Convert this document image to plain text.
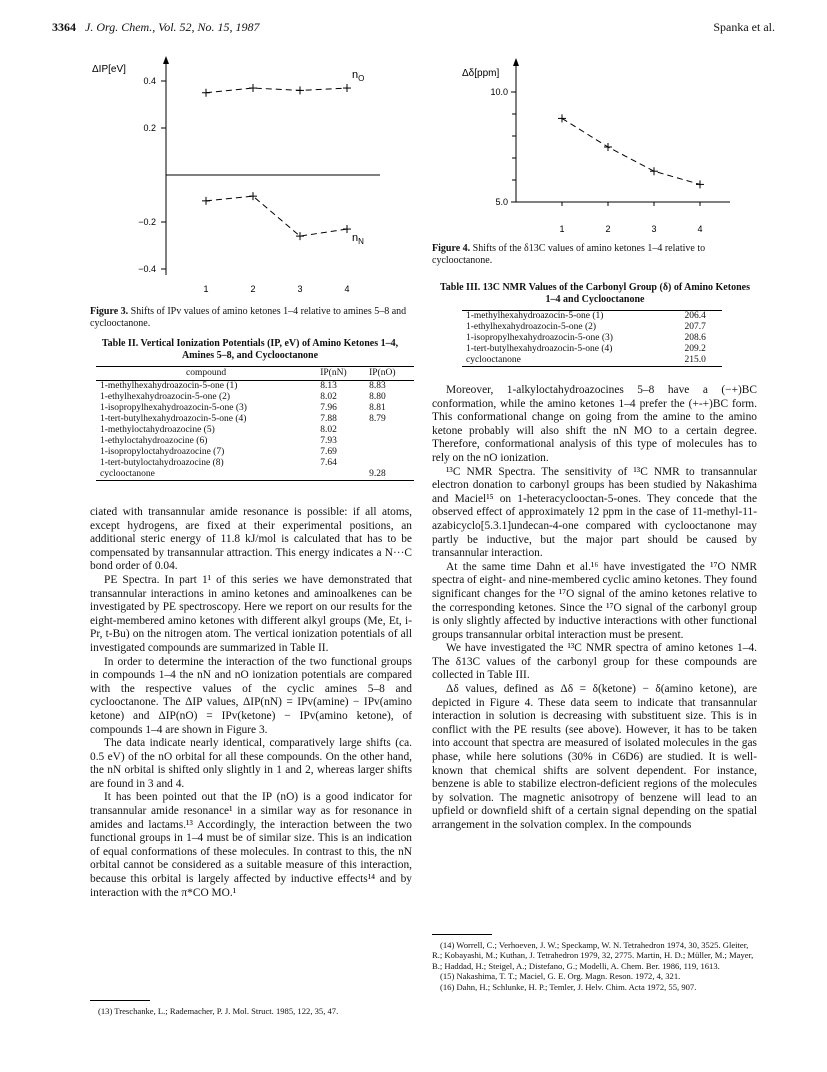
3364 J. Org. Chem., Vol. 52, No. 15, 1987	Spanka et al.
ΔIP[eV]
0.4
0.2
−0.2
−0.4
1	2	3	4
$n_O$
$n_N$
Figure 3. Shifts of IPv values of amino ketones 1–4 relative to amines 5–8 and cyclooctanone.
Table II. Vertical Ionization Potentials (IP, eV) of Amino Ketones 1–4, Amines 5–8, and Cyclooctanone
compound	IP(nN)	IP(nO)
1-methylhexahydroazocin-5-one (1)	8.13	8.83
1-ethylhexahydroazocin-5-one (2)	8.02	8.80
1-isopropylhexahydroazocin-5-one (3)	7.96	8.81
1-tert-butylhexahydroazocin-5-one (4)	7.88	8.79
1-methyloctahydroazocine (5)	8.02	
1-ethyloctahydroazocine (6)	7.93	
1-isopropyloctahydroazocine (7)	7.69	
1-tert-butyloctahydroazocine (8)	7.64	
cyclooctanone		9.28

ciated with transannular amide resonance is possible: if all atoms, except hydrogens, are fixed at their experimental positions, an additional steric energy of 11.8 kJ/mol is calculated that has to be compensated by transannular attraction. This energy indicates a N···C bond order of 0.04.

PE Spectra. In part 1¹ of this series we have demonstrated that transannular interactions in amino ketones and aminoalkenes can be investigated by PE spectroscopy. Here we report on our results for the eight-membered amino ketones with different alkyl groups (Me, Et, i-Pr, t-Bu) on the nitrogen atom. The vertical ionization potentials of all investigated compounds are summarized in Table II.

In order to determine the interaction of the two functional groups in compounds 1–4 the nN and nO ionization potentials are compared with the respective values of the cyclic amines 5–8 and cyclooctanone. The ΔIP values, ΔIP(nN) = IPv(amine) − IPv(amino ketone) and ΔIP(nO) = IPv(ketone) − IPv(amino ketone), of compounds 1–4 are shown in Figure 3.

The data indicate nearly identical, comparatively large shifts (ca. 0.5 eV) of the nO orbital for all these compounds. On the other hand, the nN orbital is shifted only slightly in 1 and 2, whereas larger shifts are found in 3 and 4.

It has been pointed out that the IP (nO) is a good indicator for transannular amide resonance¹ in a similar way as for resonance in amides and lactams.¹³ Accordingly, the interaction between the two functional groups in 1–4 must be of similar size. This is an indication of equal conformations of these molecules. In contrast to this, the nN orbital cannot be considered as a suitable measure of this interaction, because this orbital is largely affected by inductive effects¹⁴ and by interaction with the π*CO MO.¹

(13) Treschanke, L.; Rademacher, P. J. Mol. Struct. 1985, 122, 35, 47.

Δδ[ppm]
10.0
5.0
1	2	3	4
Figure 4. Shifts of the δ13C values of amino ketones 1–4 relative to cyclooctanone.
Table III. 13C NMR Values of the Carbonyl Group (δ) of Amino Ketones 1–4 and Cyclooctanone
1-methylhexahydroazocin-5-one (1)	206.4
1-ethylhexahydroazocin-5-one (2)	207.7
1-isopropylhexahydroazocin-5-one (3)	208.6
1-tert-butylhexahydroazocin-5-one (4)	209.2
cyclooctanone	215.0

Moreover, 1-alkyloctahydroazocines 5–8 have a (−+)BC conformation, while the amino ketones 1–4 prefer the (+-+)BC form. This conformational change on going from the amine to the amino ketone probably will also shift the nN MO to a certain degree. Therefore, conformational analysis of this type of molecules has to rely on the nO ionization.

¹³C NMR Spectra. The sensitivity of ¹³C NMR to transannular electron donation to carbonyl groups has been studied by Nakashima and Maciel¹⁵ on 1-heteracyclooctan-5-ones. They concede that the observed effect of approximately 12 ppm in the case of 11-methyl-11-azabicyclo[5.3.1]undecan-4-one compared with cyclooctanone may partly be inductive, but the major part should be caused by transannular interaction.

At the same time Dahn et al.¹⁶ have investigated the ¹⁷O NMR spectra of eight- and nine-membered cyclic amino ketones. They found significant changes for the ¹⁷O signal of the amino ketones relative to the corresponding ketones. Since the ¹⁷O signal of the carbonyl group is only slightly affected by inductive interactions with other functional groups transannular orbital interaction must be present.

We have investigated the ¹³C NMR spectra of amino ketones 1–4. The δ13C values of the carbonyl group for these compounds are collected in Table III.

Δδ values, defined as Δδ = δ(ketone) − δ(amino ketone), are depicted in Figure 4. These data seem to indicate that transannular interaction in solution is decreasing with substituent size. This is in conflict with the PE results (see above). However, it has to be taken into account that spectra are measured of isolated molecules in the gas phase, while here solutions (30% in C6D6) are studied. It is well-known that chemical shifts are solvent dependent. For instance, benzene is able to stabilize electron-deficient regions of the molecules by solvation. The magnetic anisotropy of benzene will lead to an upfield or downfield shift of a certain signal depending on the spatial arrangement in the solvation complex. In the compounds

(14) Worrell, C.; Verhoeven, J. W.; Speckamp, W. N. Tetrahedron 1974, 30, 3525. Gleiter, R.; Kobayashi, M.; Kuthan, J. Tetrahedron 1979, 32, 2775. Martin, H. D.; Müller, M.; Mayer, B.; Haddad, H.; Steigel, A.; Distefano, G.; Modelli, A. Chem. Ber. 1986, 119, 1613.

(15) Nakashima, T. T.; Maciel, G. E. Org. Magn. Reson. 1972, 4, 321.

(16) Dahn, H.; Schlunke, H. P.; Temler, J. Helv. Chim. Acta 1972, 55, 907.
